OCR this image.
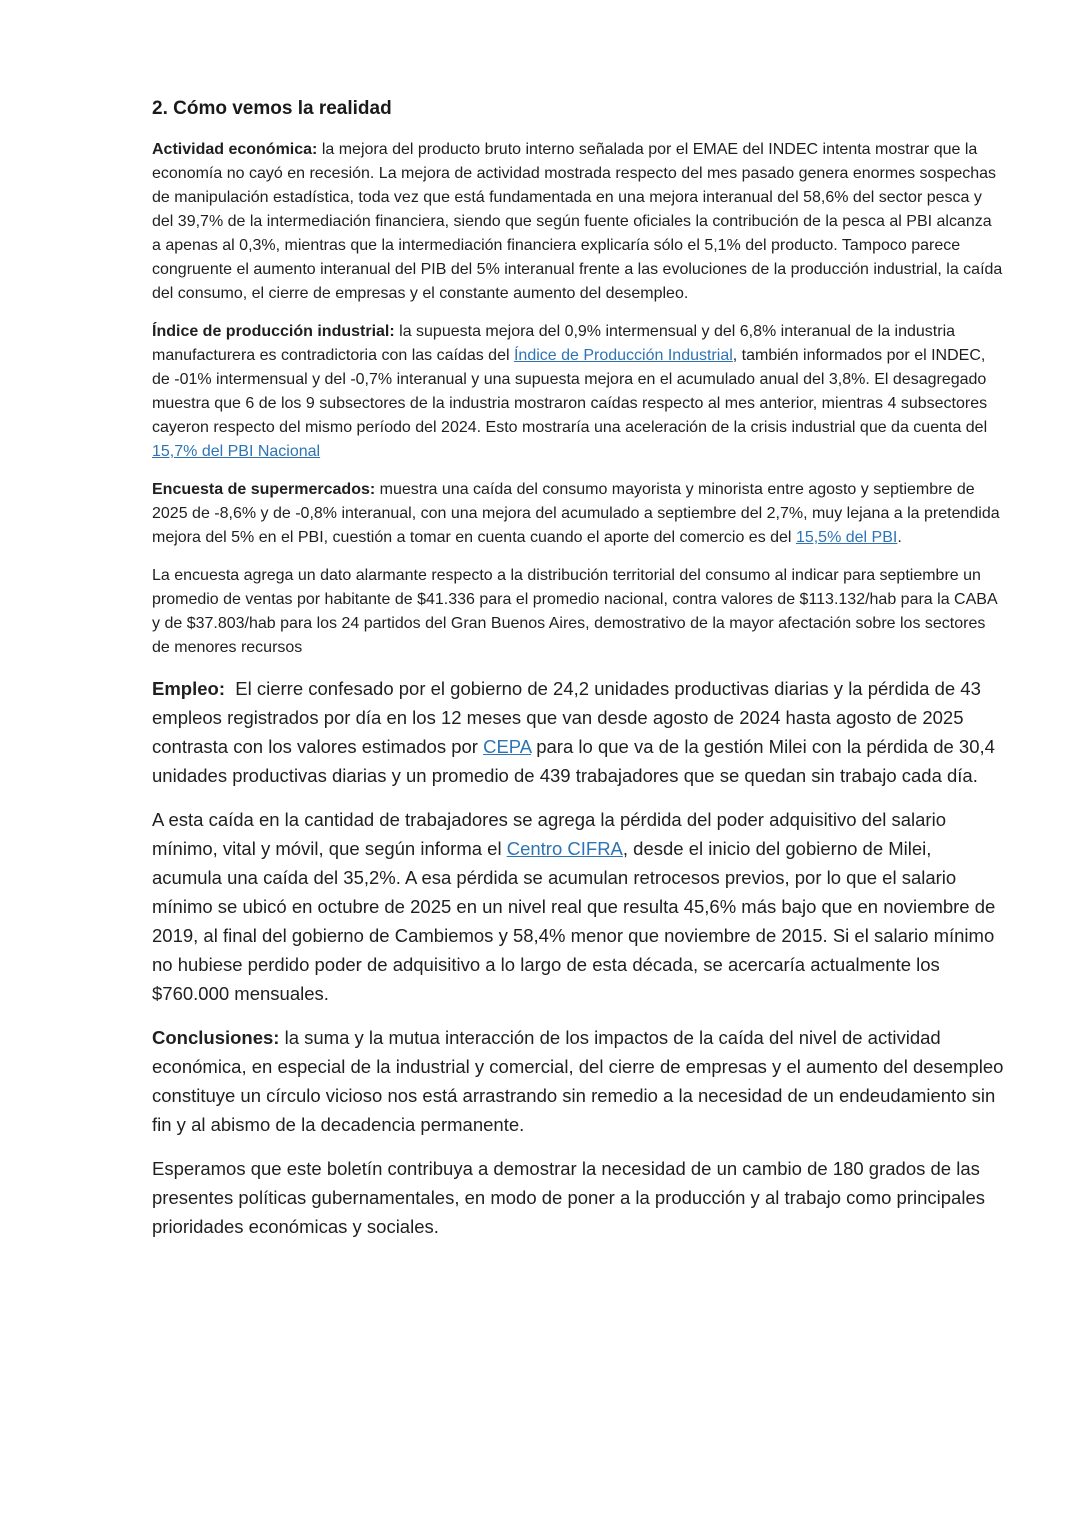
2. Cómo vemos la realidad

Actividad económica: la mejora del producto bruto interno señalada por el EMAE del INDEC intenta mostrar que la economía no cayó en recesión. La mejora de actividad mostrada respecto del mes pasado genera enormes sospechas de manipulación estadística, toda vez que está fundamentada en una mejora interanual del 58,6% del sector pesca y del 39,7% de la intermediación financiera, siendo que según fuente oficiales la contribución de la pesca al PBI alcanza a apenas al 0,3%, mientras que la intermediación financiera explicaría sólo el 5,1% del producto. Tampoco parece congruente el aumento interanual del PIB del 5% interanual frente a las evoluciones de la producción industrial, la caída del consumo, el cierre de empresas y el constante aumento del desempleo.

Índice de producción industrial: la supuesta mejora del 0,9% intermensual y del 6,8% interanual de la industria manufacturera es contradictoria con las caídas del Índice de Producción Industrial, también informados por el INDEC, de -01% intermensual y del -0,7% interanual y una supuesta mejora en el acumulado anual del 3,8%. El desagregado muestra que 6 de los 9 subsectores de la industria mostraron caídas respecto al mes anterior, mientras 4 subsectores cayeron respecto del mismo período del 2024. Esto mostraría una aceleración de la crisis industrial que da cuenta del 15,7% del PBI Nacional

Encuesta de supermercados: muestra una caída del consumo mayorista y minorista entre agosto y septiembre de 2025 de -8,6% y de -0,8% interanual, con una mejora del acumulado a septiembre del 2,7%, muy lejana a la pretendida mejora del 5% en el PBI, cuestión a tomar en cuenta cuando el aporte del comercio es del 15,5% del PBI.

La encuesta agrega un dato alarmante respecto a la distribución territorial del consumo al indicar para septiembre un promedio de ventas por habitante de $41.336 para el promedio nacional, contra valores de $113.132/hab para la CABA y de $37.803/hab para los 24 partidos del Gran Buenos Aires, demostrativo de la mayor afectación sobre los sectores de menores recursos

Empleo:  El cierre confesado por el gobierno de 24,2 unidades productivas diarias y la pérdida de 43 empleos registrados por día en los 12 meses que van desde agosto de 2024 hasta agosto de 2025 contrasta con los valores estimados por CEPA para lo que va de la gestión Milei con la pérdida de 30,4 unidades productivas diarias y un promedio de 439 trabajadores que se quedan sin trabajo cada día.

A esta caída en la cantidad de trabajadores se agrega la pérdida del poder adquisitivo del salario mínimo, vital y móvil, que según informa el Centro CIFRA, desde el inicio del gobierno de Milei, acumula una caída del 35,2%. A esa pérdida se acumulan retrocesos previos, por lo que el salario mínimo se ubicó en octubre de 2025 en un nivel real que resulta 45,6% más bajo que en noviembre de 2019, al final del gobierno de Cambiemos y 58,4% menor que noviembre de 2015. Si el salario mínimo no hubiese perdido poder de adquisitivo a lo largo de esta década, se acercaría actualmente los $760.000 mensuales.

Conclusiones: la suma y la mutua interacción de los impactos de la caída del nivel de actividad económica, en especial de la industrial y comercial, del cierre de empresas y el aumento del desempleo constituye un círculo vicioso nos está arrastrando sin remedio a la necesidad de un endeudamiento sin fin y al abismo de la decadencia permanente.

Esperamos que este boletín contribuya a demostrar la necesidad de un cambio de 180 grados de las presentes políticas gubernamentales, en modo de poner a la producción y al trabajo como principales prioridades económicas y sociales.
